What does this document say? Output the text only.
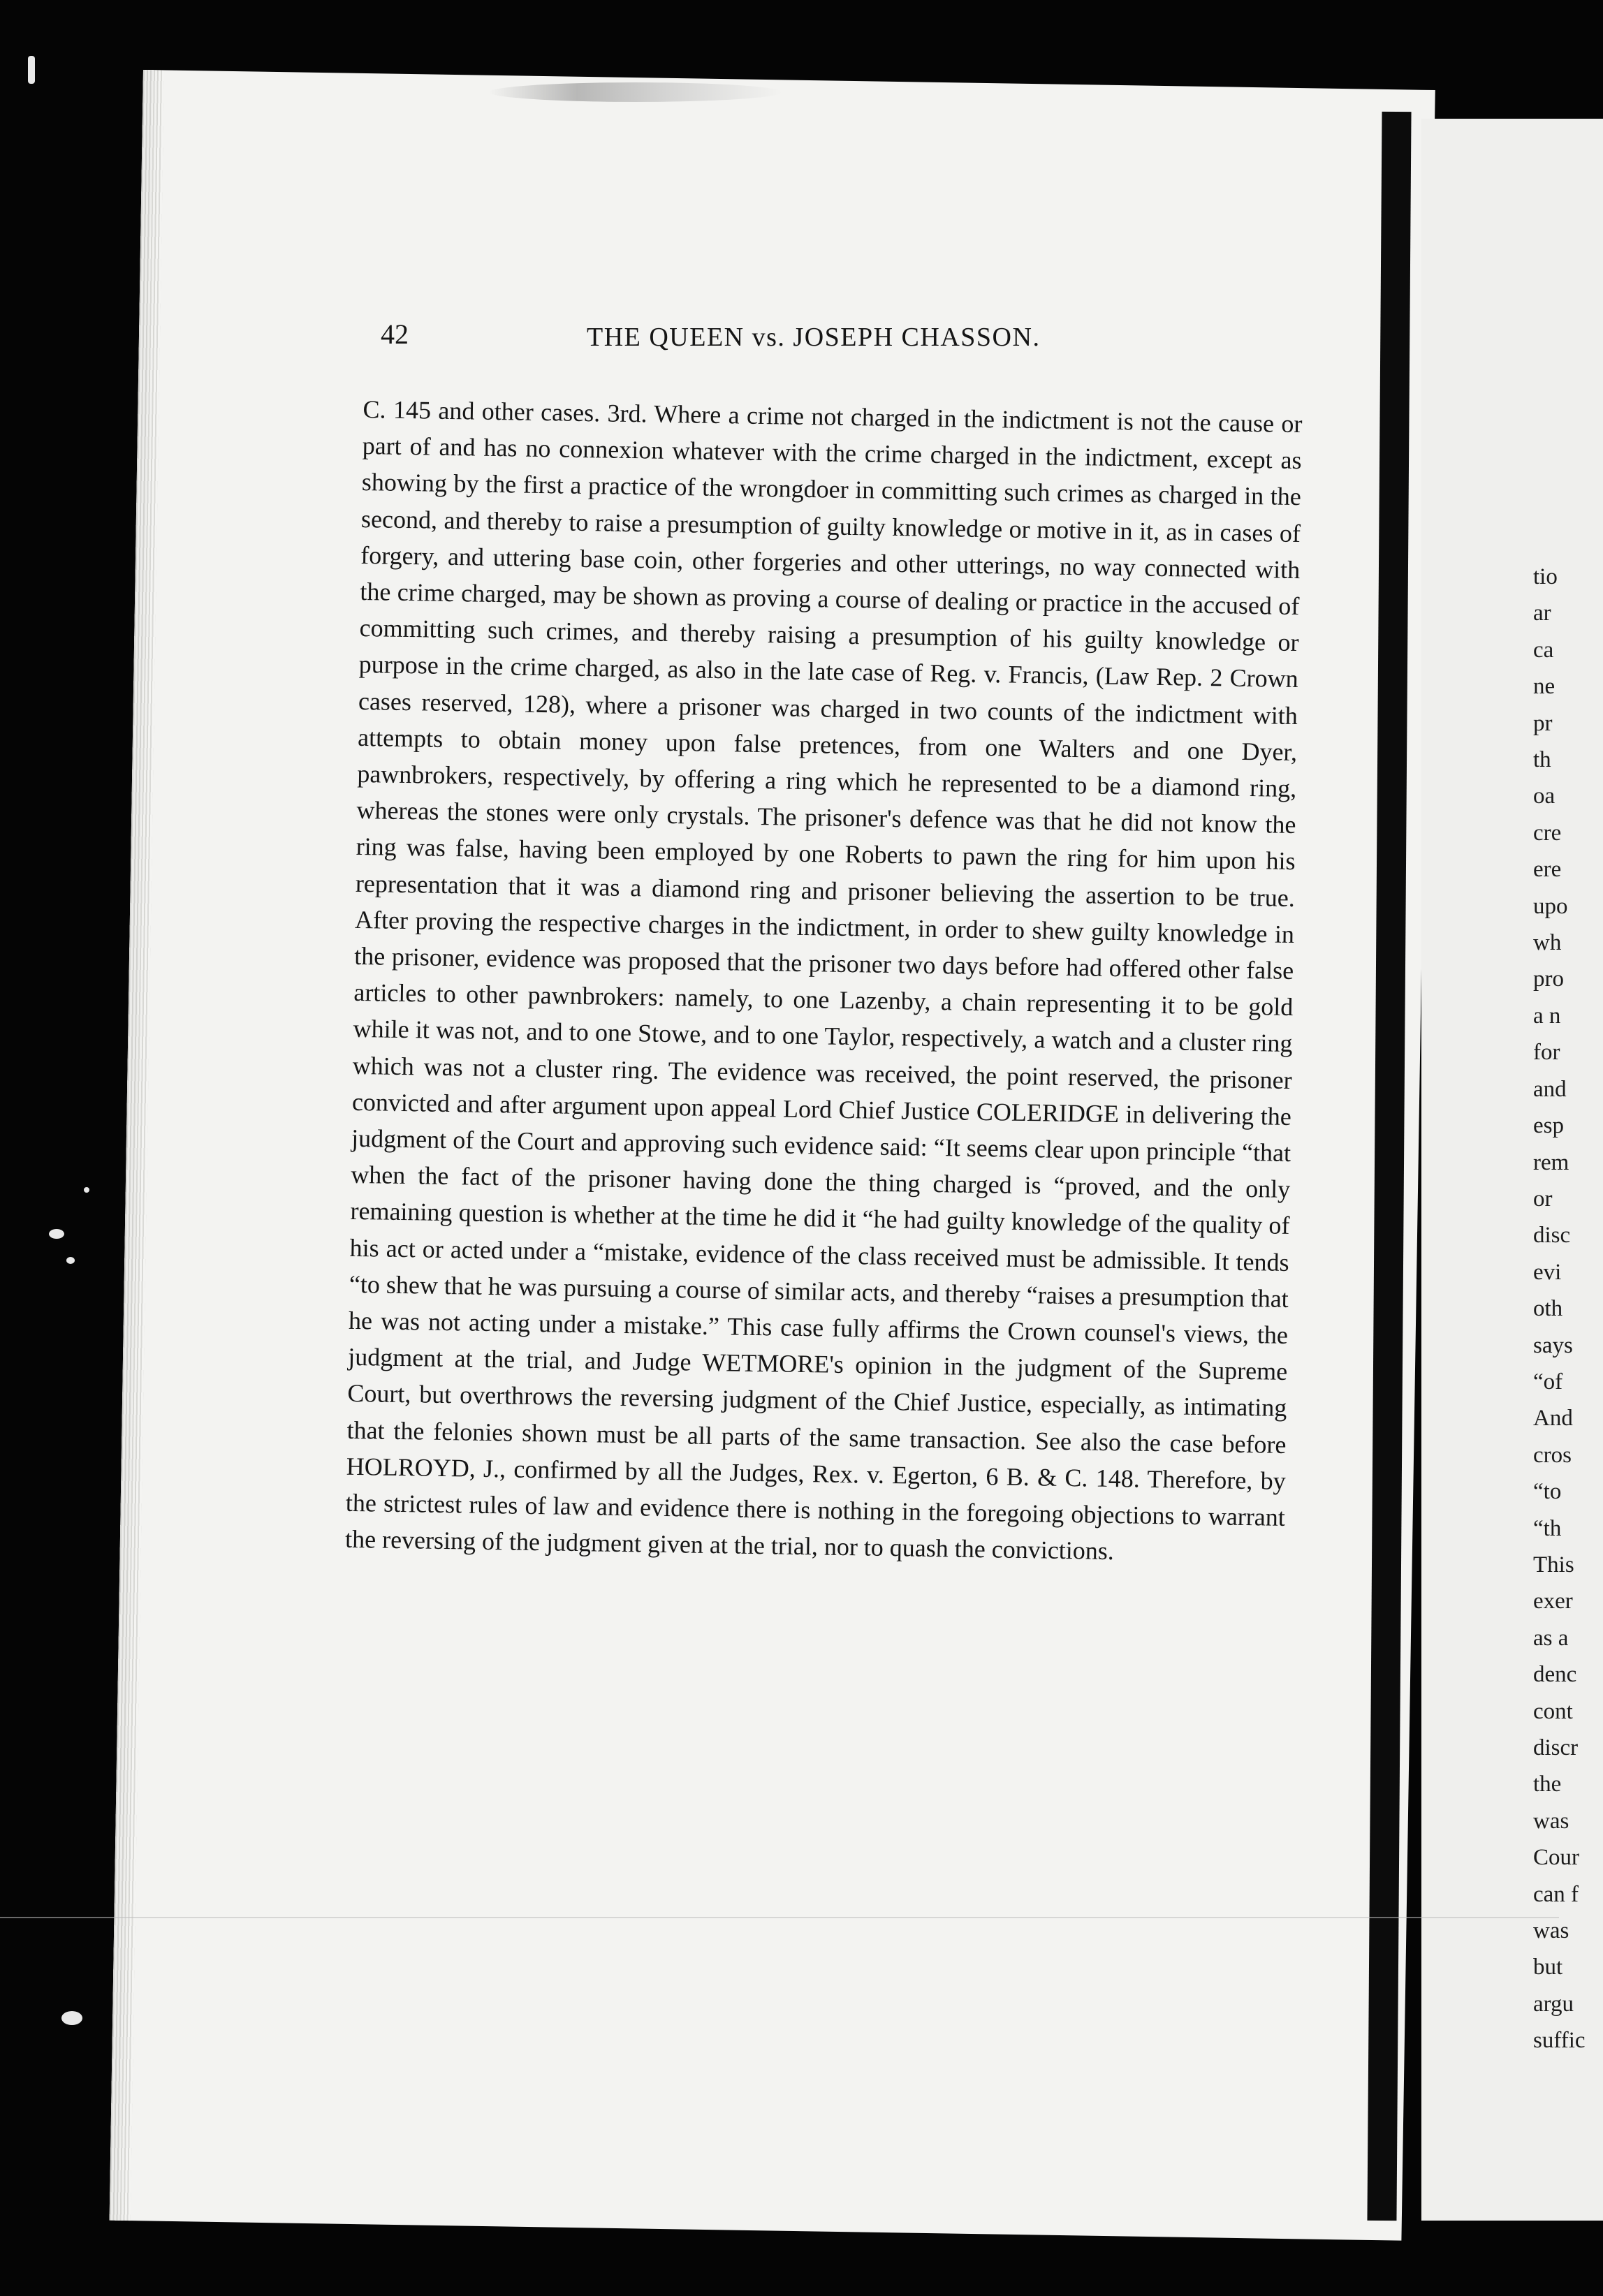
tio
ar
ca
ne
pr
th
oa
cre
ere
upo
wh
pro
a n
for
and
esp
rem
or
disc
evi
oth
says
“of
And
cros
“to
“th
This
exer
as a
denc
cont
discr
the
was
Cour
can f
was
but
argu
suffic
42	THE QUEEN vs. JOSEPH CHASSON.

C. 145 and other cases. 3rd. Where a crime not charged in the indictment is not the cause or part of and has no connexion whatever with the crime charged in the indictment, except as showing by the first a practice of the wrongdoer in committing such crimes as charged in the second, and thereby to raise a presumption of guilty knowledge or motive in it, as in cases of forgery, and uttering base coin, other forgeries and other utterings, no way connected with the crime charged, may be shown as proving a course of dealing or practice in the accused of committing such crimes, and thereby raising a presumption of his guilty knowledge or purpose in the crime charged, as also in the late case of Reg. v. Francis, (Law Rep. 2 Crown cases reserved, 128), where a prisoner was charged in two counts of the indictment with attempts to obtain money upon false pretences, from one Walters and one Dyer, pawnbrokers, respectively, by offering a ring which he represented to be a diamond ring, whereas the stones were only crystals. The prisoner's defence was that he did not know the ring was false, having been employed by one Roberts to pawn the ring for him upon his representation that it was a diamond ring and prisoner believing the assertion to be true. After proving the respective charges in the indictment, in order to shew guilty knowledge in the prisoner, evidence was proposed that the prisoner two days before had offered other false articles to other pawnbrokers: namely, to one Lazenby, a chain representing it to be gold while it was not, and to one Stowe, and to one Taylor, respectively, a watch and a cluster ring which was not a cluster ring. The evidence was received, the point reserved, the prisoner convicted and after argument upon appeal Lord Chief Justice COLERIDGE in delivering the judgment of the Court and approving such evidence said: “It seems clear upon principle “that when the fact of the prisoner having done the thing charged is “proved, and the only remaining question is whether at the time he did it “he had guilty knowledge of the quality of his act or acted under a “mistake, evidence of the class received must be admissible. It tends “to shew that he was pursuing a course of similar acts, and thereby “raises a presumption that he was not acting under a mistake.” This case fully affirms the Crown counsel's views, the judgment at the trial, and Judge WETMORE's opinion in the judgment of the Supreme Court, but overthrows the reversing judgment of the Chief Justice, especially, as intimating that the felonies shown must be all parts of the same transaction. See also the case before HOLROYD, J., confirmed by all the Judges, Rex. v. Egerton, 6 B. & C. 148. Therefore, by the strictest rules of law and evidence there is nothing in the foregoing objections to warrant the reversing of the judgment given at the trial, nor to quash the convictions.
